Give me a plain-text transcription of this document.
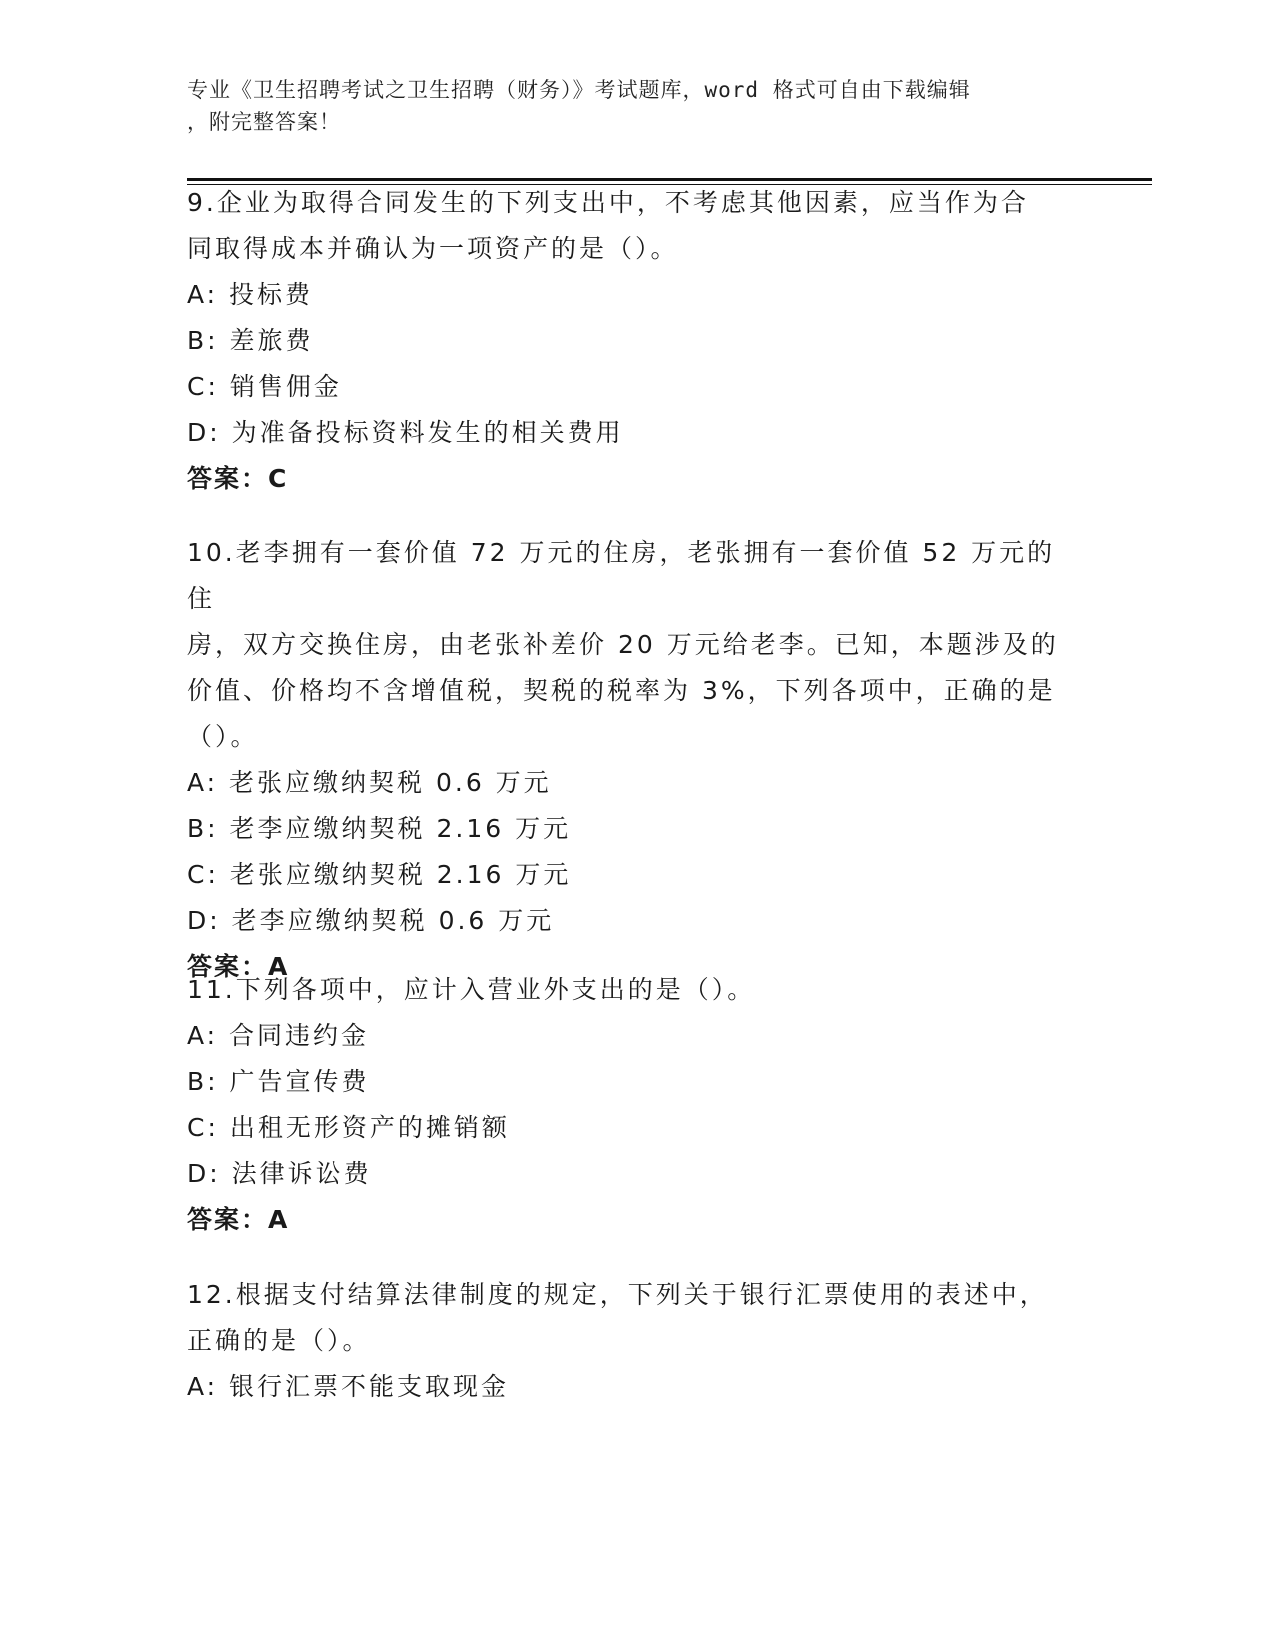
专业《卫生招聘考试之卫生招聘（财务）》考试题库，word 格式可自由下载编辑
，附完整答案！

9.企业为取得合同发生的下列支出中，不考虑其他因素，应当作为合

同取得成本并确认为一项资产的是（）。

A: 投标费

B: 差旅费

C: 销售佣金

D: 为准备投标资料发生的相关费用

答案：C

10.老李拥有一套价值 72 万元的住房，老张拥有一套价值 52 万元的住

房，双方交换住房，由老张补差价 20 万元给老李。已知，本题涉及的

价值、价格均不含增值税，契税的税率为 3%，下列各项中，正确的是

（）。

A: 老张应缴纳契税 0.6 万元

B: 老李应缴纳契税 2.16 万元

C: 老张应缴纳契税 2.16 万元

D: 老李应缴纳契税 0.6 万元

答案：A

11.下列各项中，应计入营业外支出的是（）。

A: 合同违约金

B: 广告宣传费

C: 出租无形资产的摊销额

D: 法律诉讼费

答案：A

12.根据支付结算法律制度的规定，下列关于银行汇票使用的表述中，

正确的是（）。

A: 银行汇票不能支取现金
